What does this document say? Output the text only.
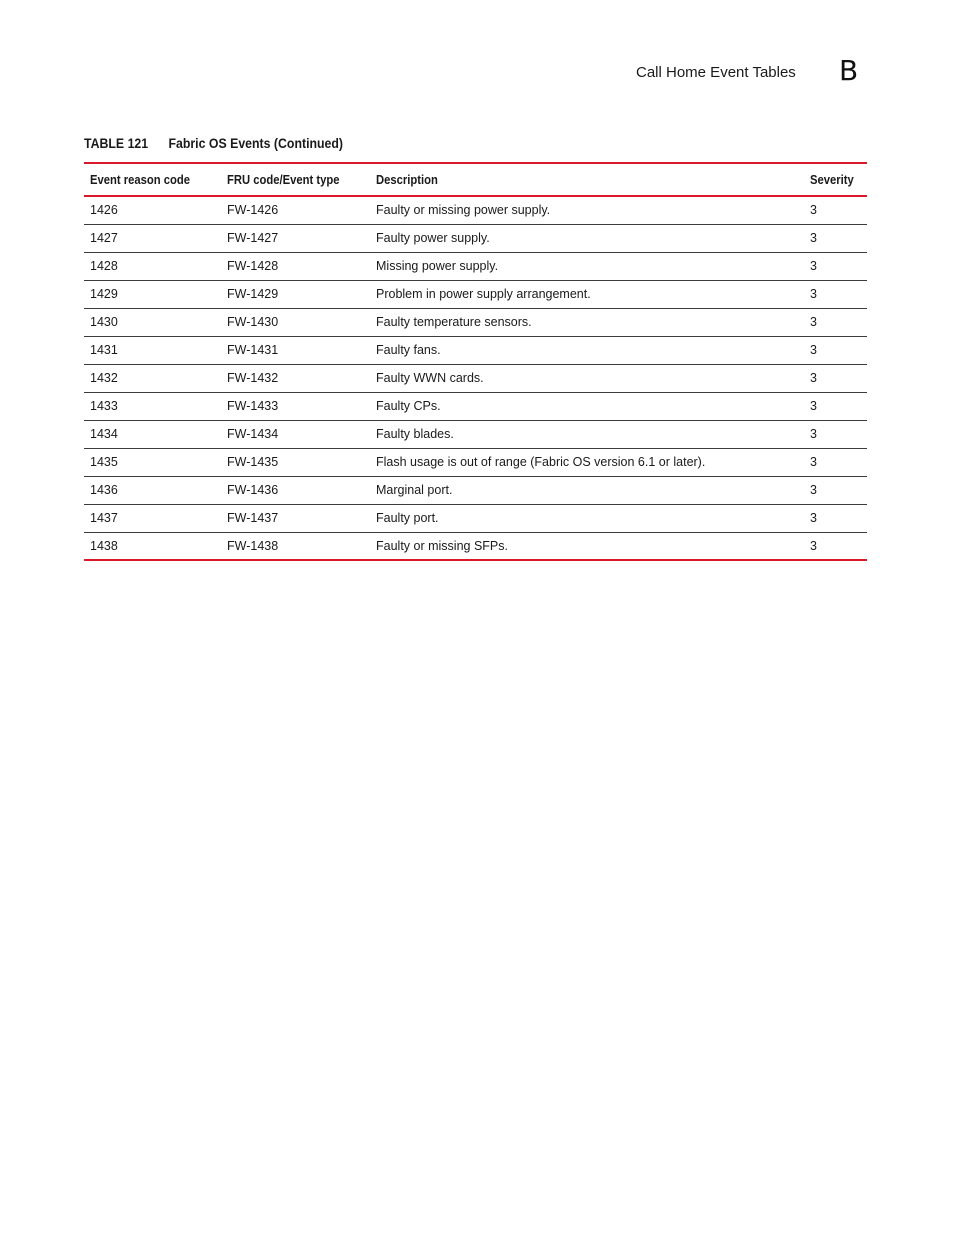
Call Home Event Tables B
TABLE 121 Fabric OS Events (Continued)
Event reason code	FRU code/Event type	Description	Severity
1426	FW-1426	Faulty or missing power supply.	3
1427	FW-1427	Faulty power supply.	3
1428	FW-1428	Missing power supply.	3
1429	FW-1429	Problem in power supply arrangement.	3
1430	FW-1430	Faulty temperature sensors.	3
1431	FW-1431	Faulty fans.	3
1432	FW-1432	Faulty WWN cards.	3
1433	FW-1433	Faulty CPs.	3
1434	FW-1434	Faulty blades.	3
1435	FW-1435	Flash usage is out of range (Fabric OS version 6.1 or later).	3
1436	FW-1436	Marginal port.	3
1437	FW-1437	Faulty port.	3
1438	FW-1438	Faulty or missing SFPs.	3
